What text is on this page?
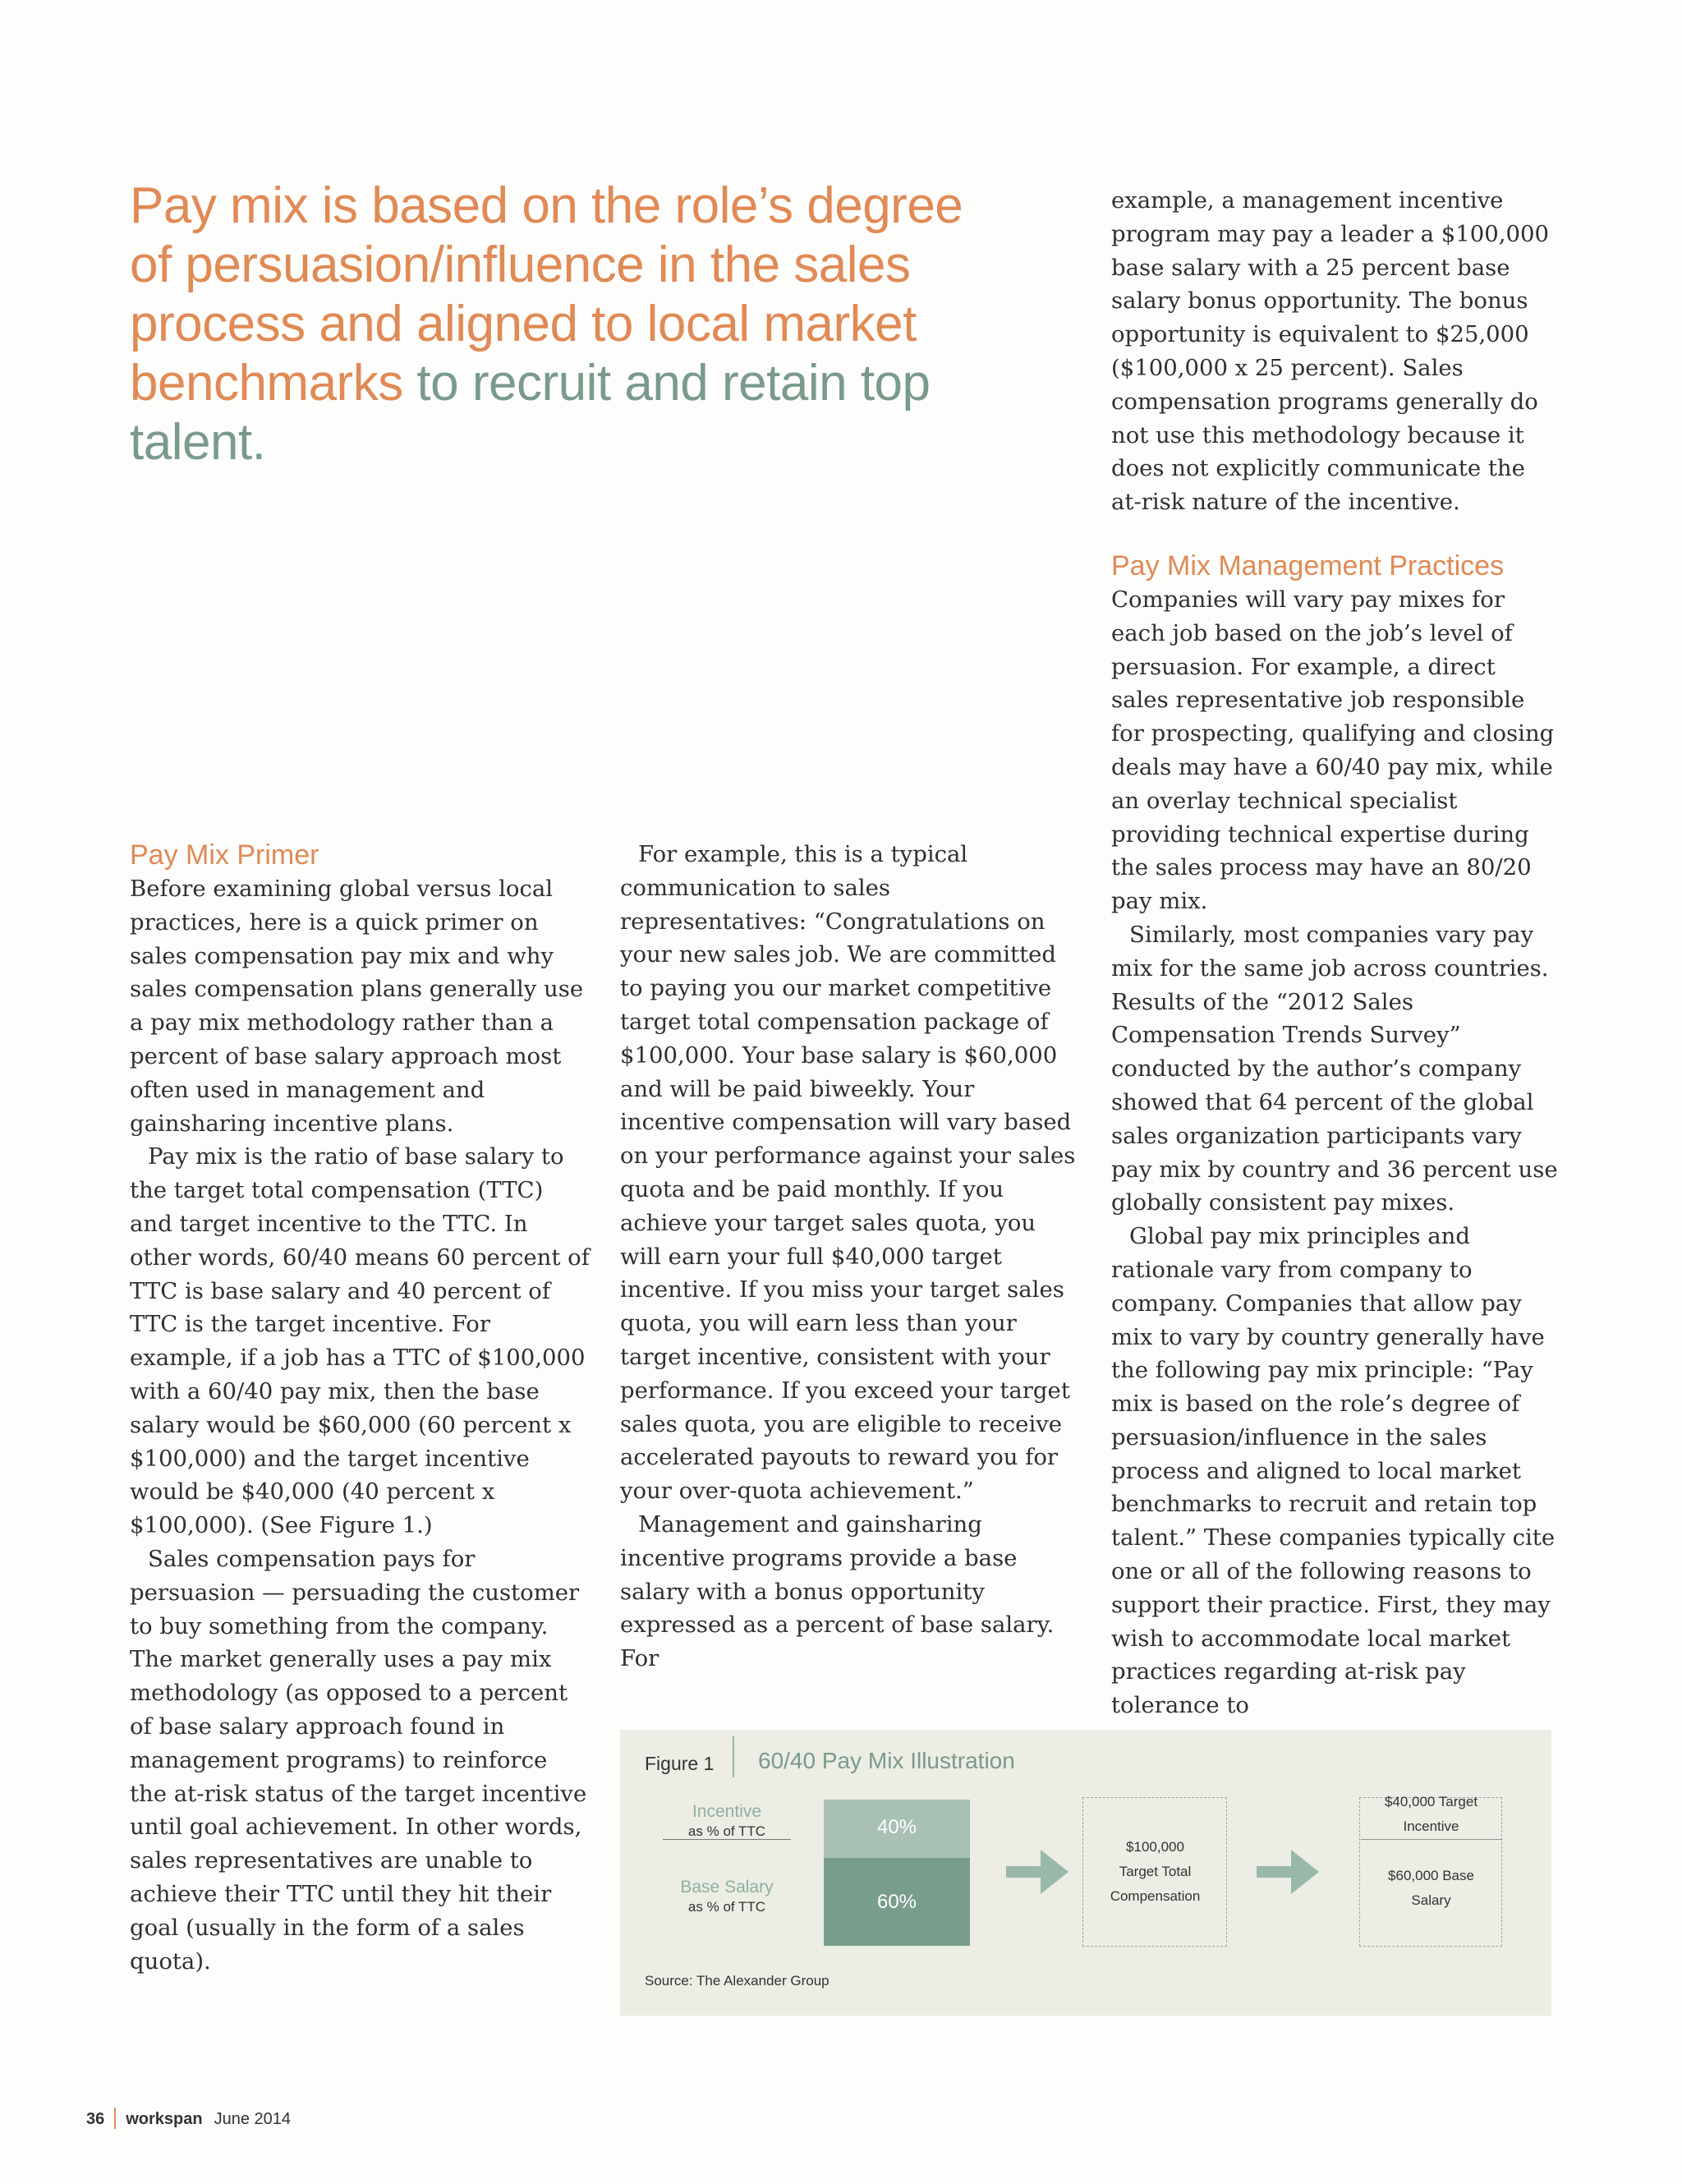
Pay mix is based on the role’s degree of persuasion/influence in the sales process and aligned to local market benchmarks to recruit and retain top talent.

Pay Mix Primer

Before examining global versus local practices, here is a quick primer on sales compensation pay mix and why sales compensation plans generally use a pay mix methodology rather than a percent of base salary approach most often used in management and gainsharing incentive plans.

Pay mix is the ratio of base salary to the target total compensation (TTC) and target incentive to the TTC. In other words, 60/40 means 60 percent of TTC is base salary and 40 percent of TTC is the target incentive. For example, if a job has a TTC of $100,000 with a 60/40 pay mix, then the base salary would be $60,000 (60 percent x $100,000) and the target incentive would be $40,000 (40 percent x $100,000). (See Figure 1.)

Sales compensation pays for persuasion — persuading the customer to buy something from the company. The market generally uses a pay mix methodology (as opposed to a percent of base salary approach found in management programs) to reinforce the at-risk status of the target incentive until goal achievement. In other words, sales representatives are unable to achieve their TTC until they hit their goal (usually in the form of a sales quota).

For example, this is a typical communication to sales representatives: “Congratulations on your new sales job. We are committed to paying you our market competitive target total compensation package of $100,000. Your base salary is $60,000 and will be paid biweekly. Your incentive compensation will vary based on your performance against your sales quota and be paid monthly. If you achieve your target sales quota, you will earn your full $40,000 target incentive. If you miss your target sales quota, you will earn less than your target incentive, consistent with your performance. If you exceed your target sales quota, you are eligible to receive accelerated payouts to reward you for your over-quota achievement.”

Management and gainsharing incentive programs provide a base salary with a bonus opportunity expressed as a percent of base salary. For

example, a management incentive program may pay a leader a $100,000 base salary with a 25 percent base salary bonus opportunity. The bonus opportunity is equivalent to $25,000 ($100,000 x 25 percent). Sales compensation programs generally do not use this methodology because it does not explicitly communicate the at-risk nature of the incentive.

Pay Mix Management Practices

Companies will vary pay mixes for each job based on the job’s level of persuasion. For example, a direct sales representative job responsible for prospecting, qualifying and closing deals may have a 60/40 pay mix, while an overlay technical specialist providing technical expertise during the sales process may have an 80/20 pay mix.

Similarly, most companies vary pay mix for the same job across countries. Results of the “2012 Sales Compensation Trends Survey” conducted by the author’s company showed that 64 percent of the global sales organization participants vary pay mix by country and 36 percent use globally consistent pay mixes.

Global pay mix principles and rationale vary from company to company. Companies that allow pay mix to vary by country generally have the following pay mix principle: “Pay mix is based on the role’s degree of persuasion/influence in the sales process and aligned to local market benchmarks to recruit and retain top talent.” These companies typically cite one or all of the following reasons to support their practice. First, they may wish to accommodate local market practices regarding at-risk pay tolerance to

Figure 1 60/40 Pay Mix Illustration
Incentive
as % of TTC
Base Salary
as % of TTC
40%
60%
$100,000
Target Total
Compensation
$40,000 Target
Incentive
$60,000 Base
Salary
Source: The Alexander Group
36 workspan June 2014
